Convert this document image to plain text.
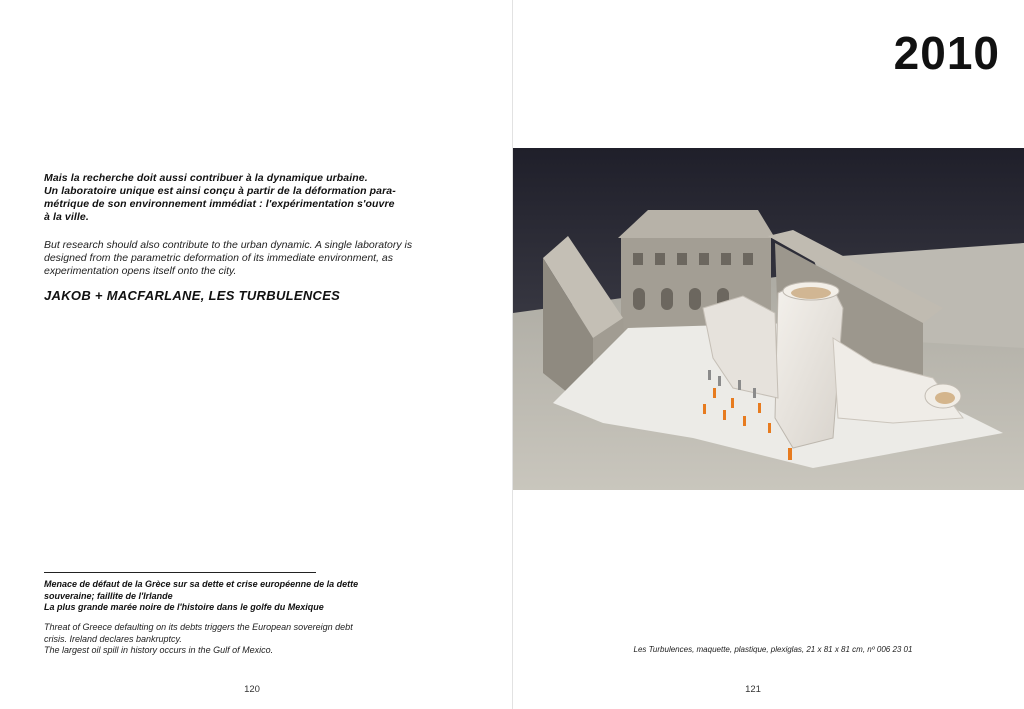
Mais la recherche doit aussi contribuer à la dynamique urbaine.
Un laboratoire unique est ainsi conçu à partir de la déformation para-
métrique de son environnement immédiat : l'expérimentation s'ouvre
à la ville.

But research should also contribute to the urban dynamic. A single laboratory is designed from the parametric deformation of its immediate environment, as experimentation opens itself onto the city.

JAKOB + MACFARLANE, LES TURBULENCES

Menace de défaut de la Grèce sur sa dette et crise européenne de la dette
souveraine; faillite de l'Irlande
La plus grande marée noire de l'histoire dans le golfe du Mexique

Threat of Greece defaulting on its debts triggers the European sovereign debt
crisis. Ireland declares bankruptcy.
The largest oil spill in history occurs in the Gulf of Mexico.

120
2010
Les Turbulences, maquette, plastique, plexiglas, 21 x 81 x 81 cm, nº 006 23 01
121
